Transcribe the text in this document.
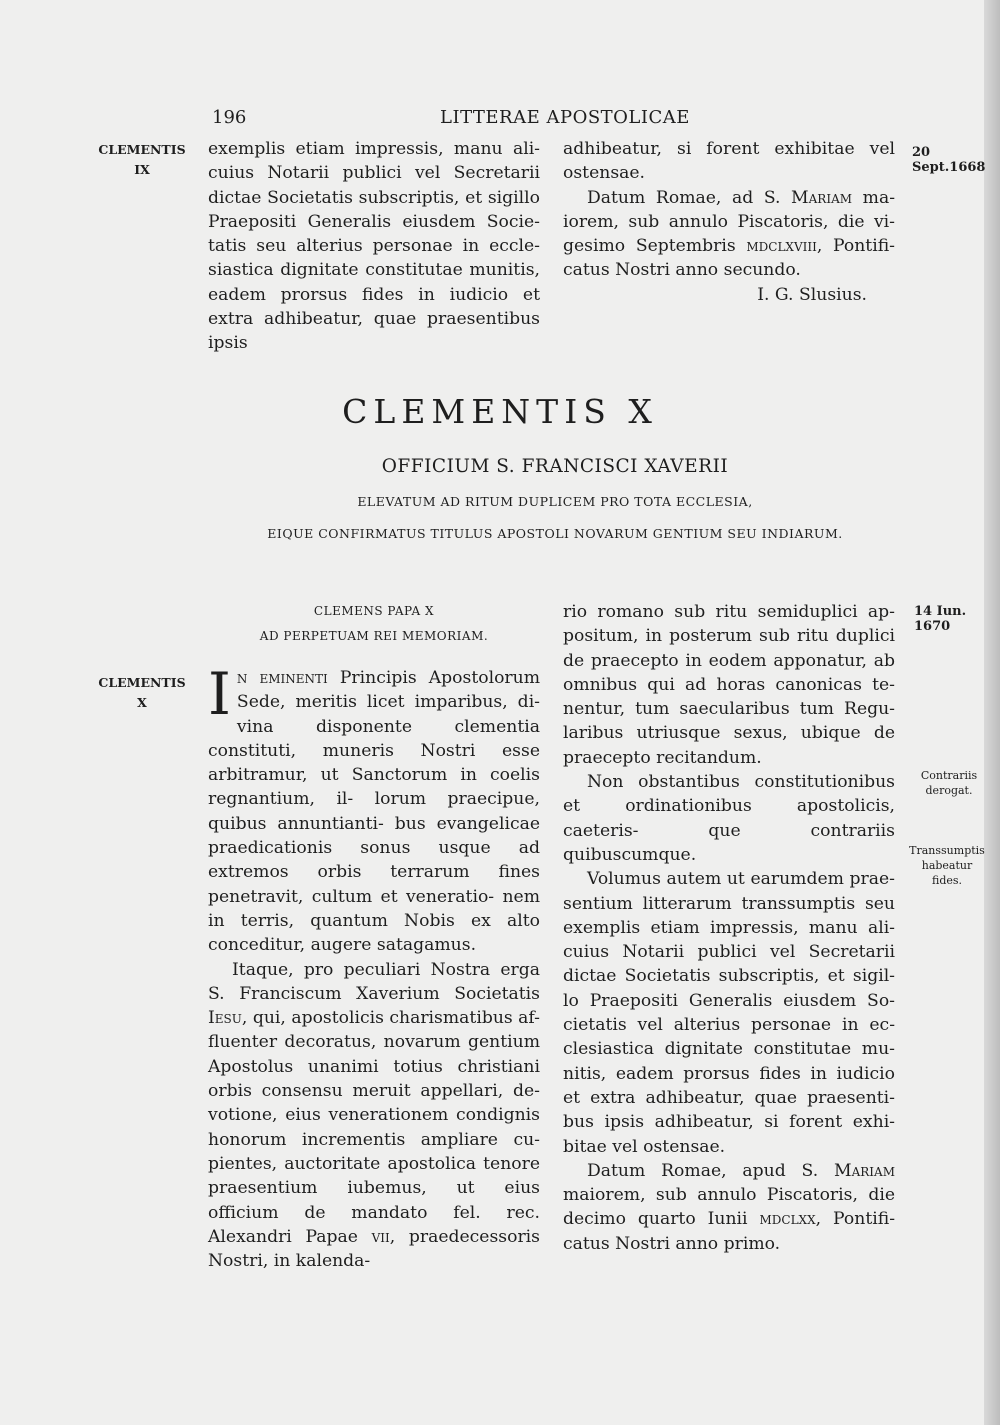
196	LITTERAE APOSTOLICAE
CLEMENTIS
IX
CLEMENTIS
X
20 Sept.1668
14 Iun. 1670
Contrariis
derogat.
Transsumptis
habeatur fides.

exemplis etiam impressis, manu ali- cuius Notarii publici vel Secretarii dictae Societatis subscriptis, et sigillo Praepositi Generalis eiusdem Socie- tatis seu alterius personae in eccle- siastica dignitate constitutae munitis, eadem prorsus fides in iudicio et extra adhibeatur, quae praesentibus ipsis

adhibeatur, si forent exhibitae vel ostensae.

Datum Romae, ad S. Mariam ma- iorem, sub annulo Piscatoris, die vi- gesimo Septembris mdclxviii, Pontifi- catus Nostri anno secundo.

I. G. Slusius.

CLEMENTIS X
OFFICIUM S. FRANCISCI XAVERII
ELEVATUM AD RITUM DUPLICEM PRO TOTA ECCLESIA,
EIQUE CONFIRMATUS TITULUS APOSTOLI NOVARUM GENTIUM SEU INDIARUM.
CLEMENS PAPA X
AD PERPETUAM REI MEMORIAM.

In eminenti Principis Apostolorum Sede, meritis licet imparibus, di- vina disponente clementia constituti, muneris Nostri esse arbitramur, ut Sanctorum in coelis regnantium, il- lorum praecipue, quibus annuntianti- bus evangelicae praedicationis sonus usque ad extremos orbis terrarum fines penetravit, cultum et veneratio- nem in terris, quantum Nobis ex alto conceditur, augere satagamus.

Itaque, pro peculiari Nostra erga S. Franciscum Xaverium Societatis Iesu, qui, apostolicis charismatibus af- fluenter decoratus, novarum gentium Apostolus unanimi totius christiani orbis consensu meruit appellari, de- votione, eius venerationem condignis honorum incrementis ampliare cu- pientes, auctoritate apostolica tenore praesentium iubemus, ut eius officium de mandato fel. rec. Alexandri Papae vii, praedecessoris Nostri, in kalenda-

rio romano sub ritu semiduplici ap- positum, in posterum sub ritu duplici de praecepto in eodem apponatur, ab omnibus qui ad horas canonicas te- nentur, tum saecularibus tum Regu- laribus utriusque sexus, ubique de praecepto recitandum.

Non obstantibus constitutionibus et ordinationibus apostolicis, caeteris- que contrariis quibuscumque.

Volumus autem ut earumdem prae- sentium litterarum transsumptis seu exemplis etiam impressis, manu ali- cuius Notarii publici vel Secretarii dictae Societatis subscriptis, et sigil- lo Praepositi Generalis eiusdem So- cietatis vel alterius personae in ec- clesiastica dignitate constitutae mu- nitis, eadem prorsus fides in iudicio et extra adhibeatur, quae praesenti- bus ipsis adhibeatur, si forent exhi- bitae vel ostensae.

Datum Romae, apud S. Mariam maiorem, sub annulo Piscatoris, die decimo quarto Iunii mdclxx, Pontifi- catus Nostri anno primo.
